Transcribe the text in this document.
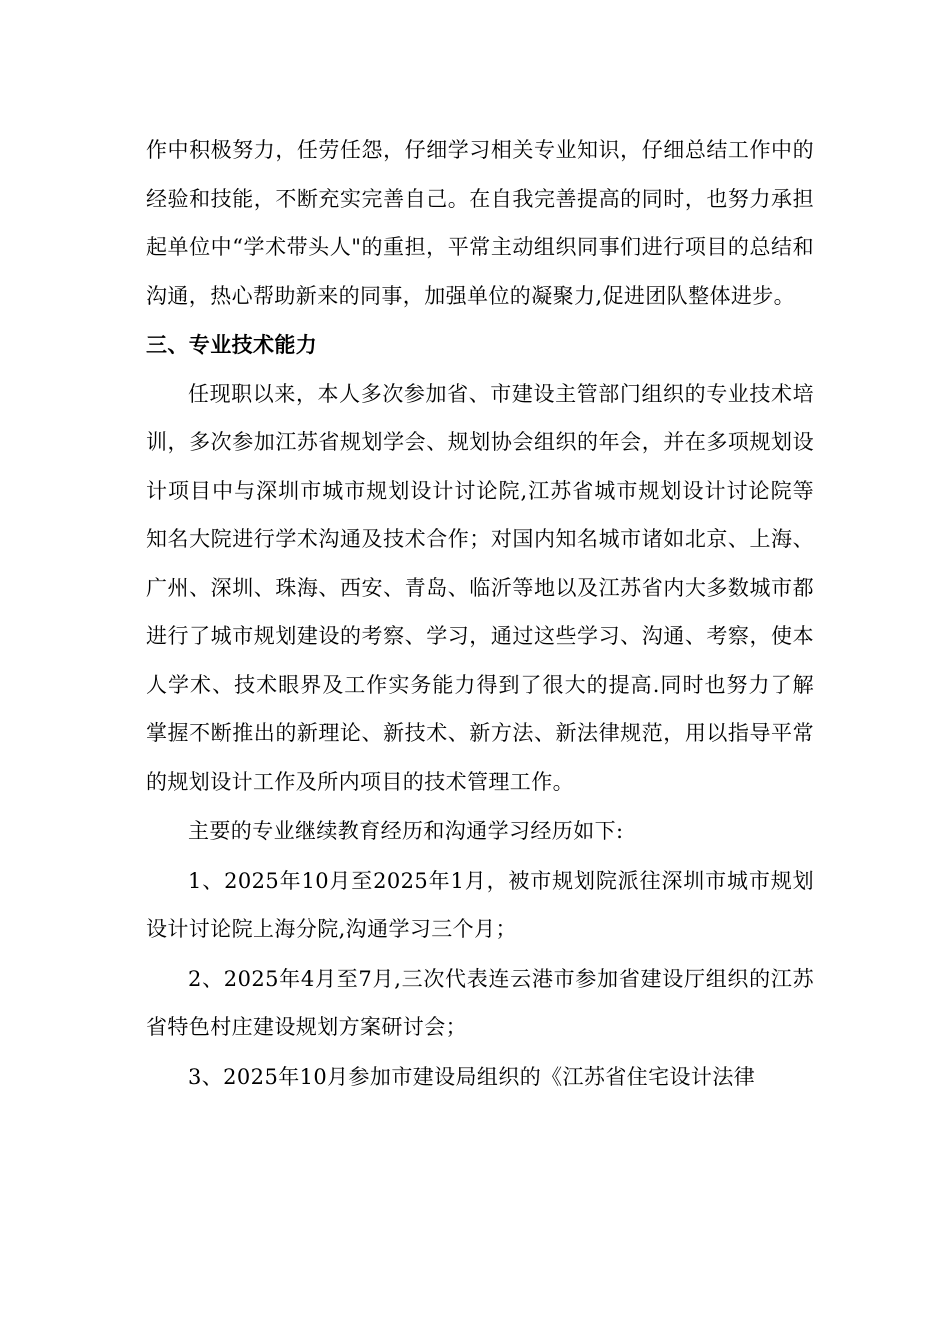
作中积极努力，任劳任怨，仔细学习相关专业知识，仔细总结工作中的经验和技能，不断充实完善自己。在自我完善提高的同时，也努力承担起单位中“学术带头人"的重担，平常主动组织同事们进行项目的总结和沟通，热心帮助新来的同事，加强单位的凝聚力,促进团队整体进步。

三、专业技术能力

任现职以来，本人多次参加省、市建设主管部门组织的专业技术培训，多次参加江苏省规划学会、规划协会组织的年会，并在多项规划设计项目中与深圳市城市规划设计讨论院,江苏省城市规划设计讨论院等知名大院进行学术沟通及技术合作；对国内知名城市诸如北京、上海、广州、深圳、珠海、西安、青岛、临沂等地以及江苏省内大多数城市都进行了城市规划建设的考察、学习，通过这些学习、沟通、考察，使本人学术、技术眼界及工作实务能力得到了很大的提高.同时也努力了解掌握不断推出的新理论、新技术、新方法、新法律规范，用以指导平常的规划设计工作及所内项目的技术管理工作。

主要的专业继续教育经历和沟通学习经历如下:

1、2025年10月至2025年1月，被市规划院派往深圳市城市规划设计讨论院上海分院,沟通学习三个月；

2、2025年4月至7月,三次代表连云港市参加省建设厅组织的江苏省特色村庄建设规划方案研讨会；

3、2025年10月参加市建设局组织的《江苏省住宅设计法律
